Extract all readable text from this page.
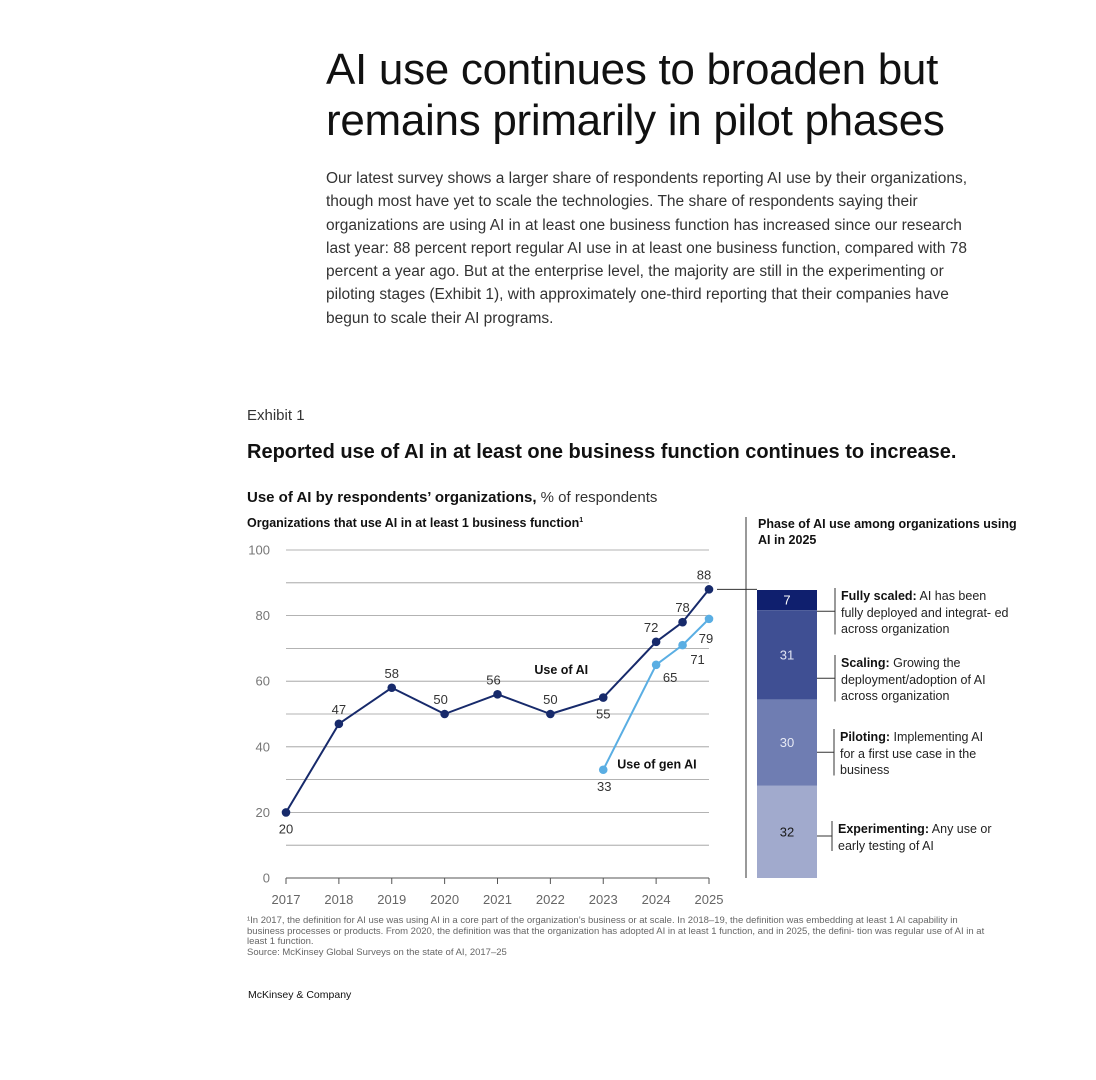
AI use continues to broaden but remains primarily in pilot phases

Our latest survey shows a larger share of respondents reporting AI use by their organizations, though most have yet to scale the technologies. The share of respondents saying their organizations are using AI in at least one business function has increased since our research last year: 88 percent report regular AI use in at least one business function, compared with 78 percent a year ago. But at the enterprise level, the majority are still in the experimenting or piloting stages (Exhibit 1), with approximately one-third reporting that their companies have begun to scale their AI programs.

Exhibit 1
Reported use of AI in at least one business function continues to increase.
Use of AI by respondents’ organizations, % of respondents
Organizations that use AI in at least 1 business function$^1$	Phase of AI use among organizations using AI in 2025
0
20
40
60
80
100
2017 2018 2019 2020 2021 2022 2023 2024 2025
20
47
58
50
56
50
55
72
78
88
Use of AI
33
65
71
79
Use of gen AI
7
31
30
32
Fully scaled: AI has been fully deployed and integrat- ed across organization
Scaling: Growing the deployment/adoption of AI across organization
Piloting: Implementing AI for a first use case in the business
Experimenting: Any use or early testing of AI

¹In 2017, the definition for AI use was using AI in a core part of the organization’s business or at scale. In 2018–19, the definition was embedding at least 1 AI capability in business processes or products. From 2020, the definition was that the organization has adopted AI in at least 1 function, and in 2025, the defini- tion was regular use of AI in at least 1 function.

Source: McKinsey Global Surveys on the state of AI, 2017–25

McKinsey & Company
